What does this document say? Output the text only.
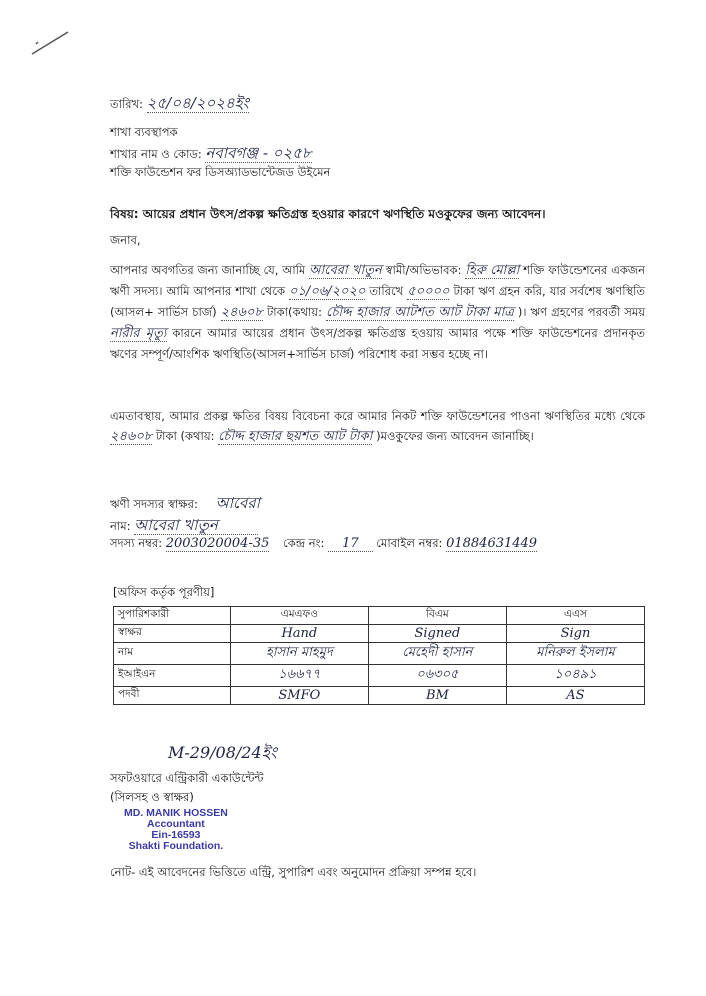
তারিখ: ২৫/০৪/২০২৪ইং
শাখা ব্যবস্থাপক
শাখার নাম ও কোড: নবাবগঞ্জ - ০২৫৮
শক্তি ফাউন্ডেশন ফর ডিসঅ্যাডভান্টেজড উইমেন
বিষয়: আয়ের প্রধান উৎস/প্রকল্প ক্ষতিগ্রস্ত হওয়ার কারণে ঋণস্থিতি মওকুফের জন্য আবেদন।
জনাব,
আপনার অবগতির জন্য জানাচ্ছি যে, আমি আবেরা খাতুন স্বামী/অভিভাবক: হিরু মোল্লা শক্তি ফাউন্ডেশনের একজন ঋণী সদস্য। আমি আপনার শাখা থেকে ০১/০৬/২০২০ তারিখে ৫০০০০ টাকা ঋণ গ্রহন করি, যার সর্বশেষ ঋণস্থিতি (আসল+ সার্ভিস চার্জ) ২৪৬০৮ টাকা(কথায়: চৌদ্দ হাজার আটশত আট টাকা মাত্র )। ঋণ গ্রহণের পরবর্তী সময় নারীর মৃত্যু কারনে আমার আয়ের প্রধান উৎস/প্রকল্প ক্ষতিগ্রস্ত হওয়ায় আমার পক্ষে শক্তি ফাউন্ডেশনের প্রদানকৃত ঋণের সম্পূর্ণ/আংশিক ঋণস্থিতি(আসল+সার্ভিস চার্জ) পরিশোধ করা সম্ভব হচ্ছে না।
এমতাবস্থায়, আমার প্রকল্প ক্ষতির বিষয় বিবেচনা করে আমার নিকট শক্তি ফাউন্ডেশনের পাওনা ঋণস্থিতির মধ্যে থেকে ২৪৬০৮ টাকা (কথায়: চৌদ্দ হাজার ছয়শত আট টাকা )মওকুফের জন্য আবেদন জানাচ্ছি।
ঋণী সদস্যর স্বাক্ষর: আবেরা
নাম: আবেরা খাতুন
সদস্য নম্বর: 2003020004-35 কেন্দ্র নং: 17 মোবাইল নম্বর: 01884631449
[অফিস কর্তৃক পূরণীয়]
সুপারিশকারী	এমএফও	বিএম	এএস
স্বাক্ষর	Hand	Signed	Sign
নাম	হাসান মাহমুদ	মেহেদী হাসান	মনিরুল ইসলাম
ইআইএন	১৬৬৭৭	০৬৩০৫	১০৪৯১
পদবী	SMFO	BM	AS
M-29/08/24ইং
সফটওয়ারে এন্ট্রিকারী একাউন্টেন্ট
(সিলসহ ও স্বাক্ষর)
MD. MANIK HOSSEN
Accountant
Ein-16593
Shakti Foundation.
নোট- এই আবেদনের ভিত্তিতে এন্ট্রি, সুপারিশ এবং অনুমোদন প্রক্রিয়া সম্পন্ন হবে।
